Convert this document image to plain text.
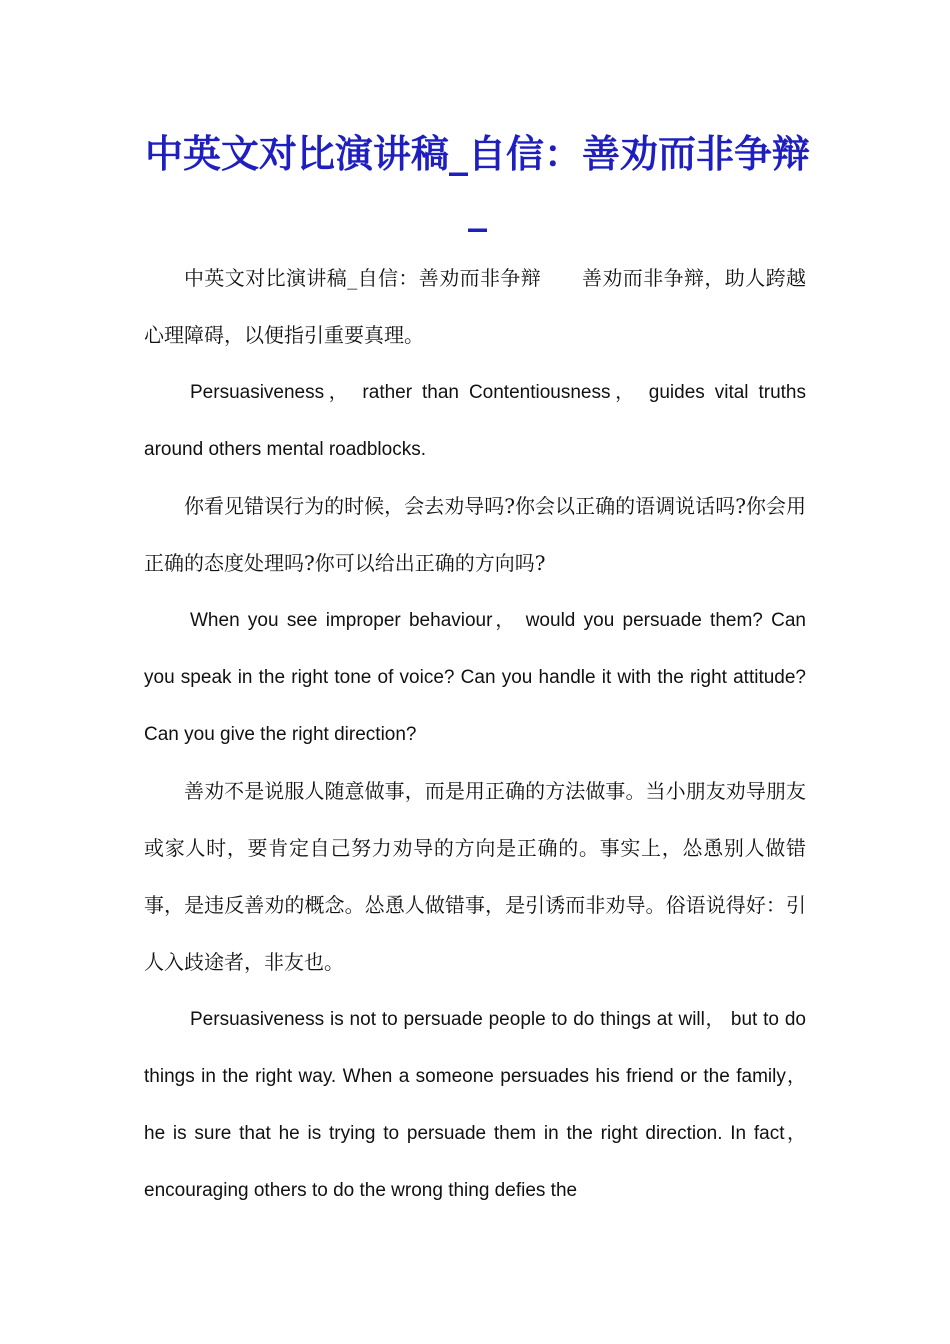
中英文对比演讲稿_自信：善劝而非争辩_

中英文对比演讲稿_自信：善劝而非争辩　　善劝而非争辩，助人跨越心理障碍，以便指引重要真理。

Persuasiveness， rather than Contentiousness， guides vital truths around others mental roadblocks.

你看见错误行为的时候，会去劝导吗?你会以正确的语调说话吗?你会用正确的态度处理吗?你可以给出正确的方向吗?

When you see improper behaviour， would you persuade them? Can you speak in the right tone of voice? Can you handle it with the right attitude? Can you give the right direction?

善劝不是说服人随意做事，而是用正确的方法做事。当小朋友劝导朋友或家人时，要肯定自己努力劝导的方向是正确的。事实上，怂恿别人做错事，是违反善劝的概念。怂恿人做错事，是引诱而非劝导。俗语说得好：引人入歧途者，非友也。

Persuasiveness is not to persuade people to do things at will， but to do things in the right way. When a someone persuades his friend or the family， he is sure that he is trying to persuade them in the right direction. In fact， encouraging others to do the wrong thing defies the
